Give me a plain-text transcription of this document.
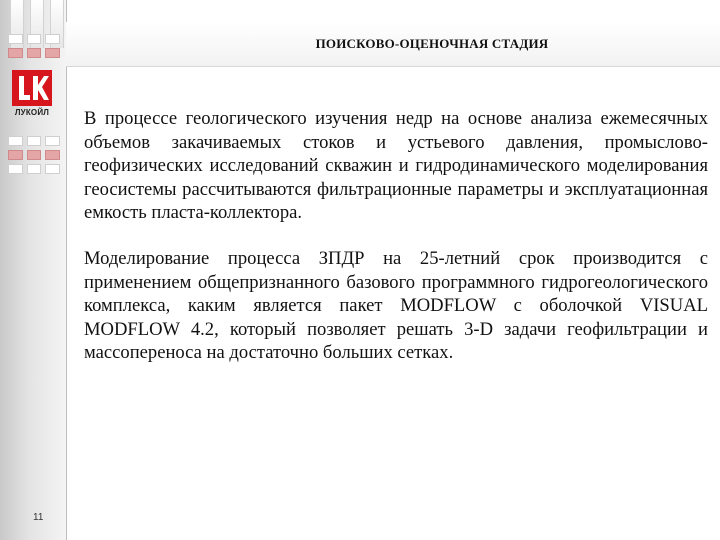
ЛУКОЙЛ
11
ПОИСКОВО-ОЦЕНОЧНАЯ СТАДИЯ

В процессе геологического изучения недр на основе анализа ежемесячных объемов закачиваемых стоков и устьевого давления, промыслово-геофизических исследований скважин и гидродинамического моделирования геосистемы рассчитываются фильтрационные параметры и эксплуатационная емкость пласта-коллектора.

Моделирование процесса ЗПДР на 25-летний срок производится с применением общепризнанного базового программного гидрогеологического комплекса, каким является пакет MODFLOW с оболочкой VISUAL MODFLOW 4.2, который позволяет решать 3-D задачи геофильтрации и массопереноса на достаточно больших сетках.
